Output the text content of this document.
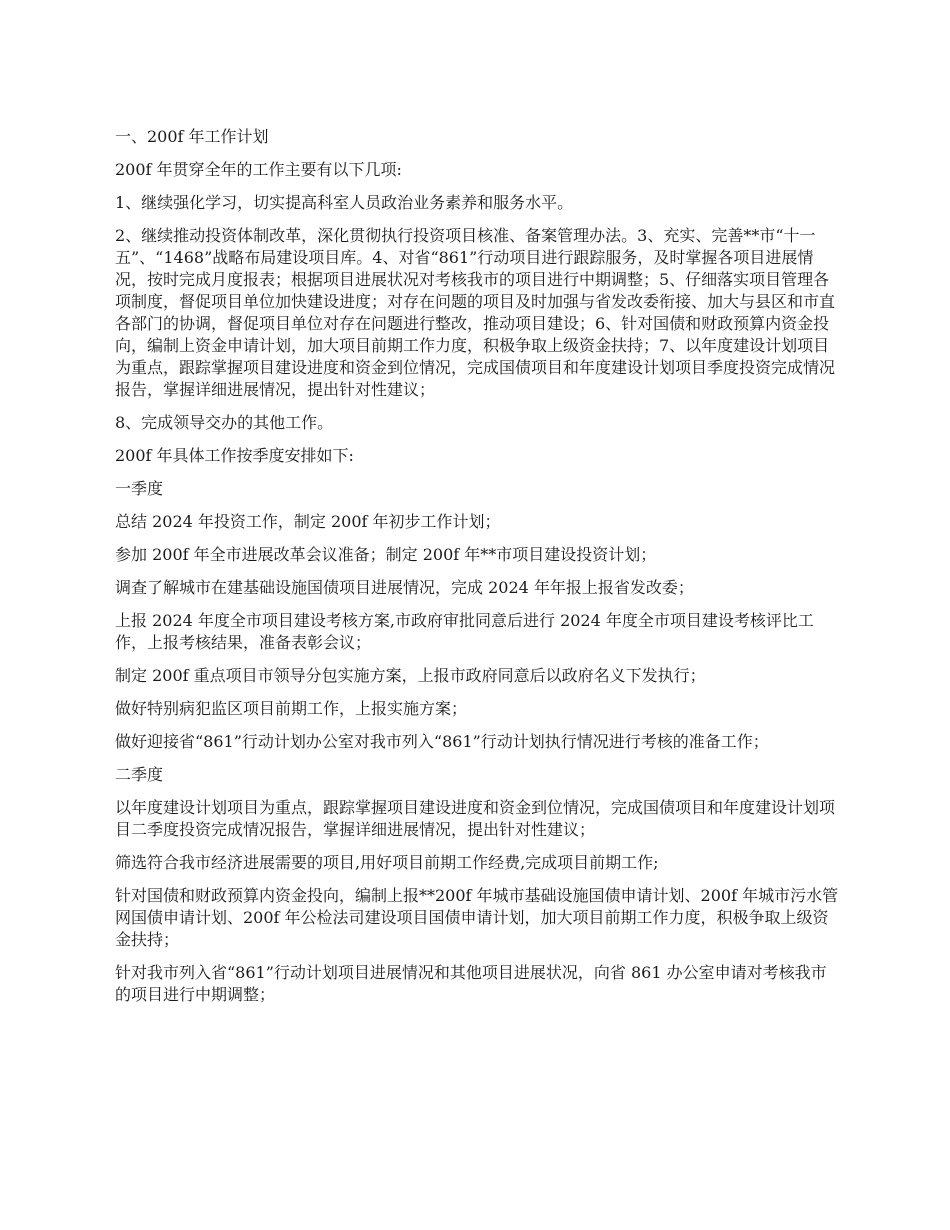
一、200f 年工作计划

200f 年贯穿全年的工作主要有以下几项:

1、继续强化学习，切实提高科室人员政治业务素养和服务水平。

2、继续推动投资体制改革，深化贯彻执行投资项目核准、备案管理办法。3、充实、完善**市“十一五”、“1468”战略布局建设项目库。4、对省“861”行动项目进行跟踪服务，及时掌握各项目进展情况，按时完成月度报表；根据项目进展状况对考核我市的项目进行中期调整；5、仔细落实项目管理各项制度，督促项目单位加快建设进度；对存在问题的项目及时加强与省发改委衔接、加大与县区和市直各部门的协调，督促项目单位对存在问题进行整改，推动项目建设；6、针对国债和财政预算内资金投向，编制上资金申请计划，加大项目前期工作力度，积极争取上级资金扶持；7、以年度建设计划项目为重点，跟踪掌握项目建设进度和资金到位情况，完成国债项目和年度建设计划项目季度投资完成情况报告，掌握详细进展情况，提出针对性建议；

8、完成领导交办的其他工作。

200f 年具体工作按季度安排如下:

一季度

总结 2024 年投资工作，制定 200f 年初步工作计划；

参加 200f 年全市进展改革会议准备；制定 200f 年**市项目建设投资计划；

调查了解城市在建基础设施国债项目进展情况，完成 2024 年年报上报省发改委；

上报 2024 年度全市项目建设考核方案,市政府审批同意后进行 2024 年度全市项目建设考核评比工作，上报考核结果，准备表彰会议；

制定 200f 重点项目市领导分包实施方案，上报市政府同意后以政府名义下发执行；

做好特别病犯监区项目前期工作，上报实施方案；

做好迎接省“861”行动计划办公室对我市列入“861”行动计划执行情况进行考核的准备工作；

二季度

以年度建设计划项目为重点，跟踪掌握项目建设进度和资金到位情况，完成国债项目和年度建设计划项目二季度投资完成情况报告，掌握详细进展情况，提出针对性建议；

筛选符合我市经济进展需要的项目,用好项目前期工作经费,完成项目前期工作;

针对国债和财政预算内资金投向，编制上报**200f 年城市基础设施国债申请计划、200f 年城市污水管网国债申请计划、200f 年公检法司建设项目国债申请计划，加大项目前期工作力度，积极争取上级资金扶持；

针对我市列入省“861”行动计划项目进展情况和其他项目进展状况，向省 861 办公室申请对考核我市的项目进行中期调整；
